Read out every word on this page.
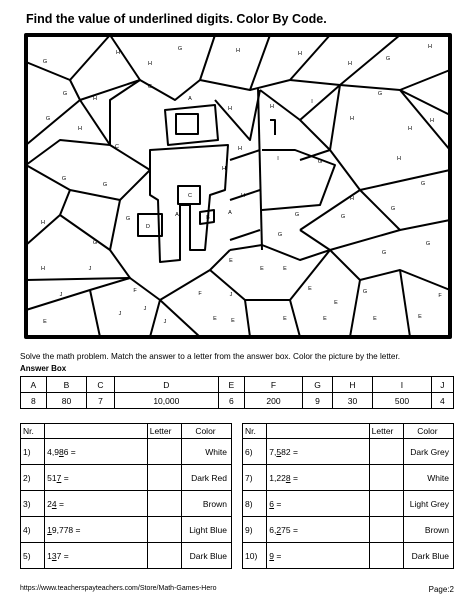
Find the value of underlined digits. Color By Code.
G
H
G	H	H
G
H
G
G
H	I
G
A
H	H
H
C
H
I
H
G	H
G
G
C
D
G
B
H	H
A	G	G
H
G
A
G
G
G
G
H
E
F
E
J
F
J	G
E
F
J
E
E
G
E	E	E
E
J
H	H
H
E
G
H
H
E
J
E
J
Solve the math problem. Match the answer to a letter from the answer box. Color the picture by the letter.
Answer Box
A	B	C	D	E	F	G	H	I	J
8	80	7	10,000	6	200	9	30	500	4
Nr.		Letter	Color
1)	4,986 =		White
2)	517 =		Dark Red
3)	24 =		Brown
4)	19,778 =		Light Blue
5)	137 =		Dark Blue
Nr.		Letter	Color
6)	7,582 =		Dark Grey
7)	1,228 =		White
8)	6 =		Light Grey
9)	6,275 =		Brown
10)	9 =		Dark Blue
https://www.teacherspayteachers.com/Store/Math-Games-Hero	Page:2
